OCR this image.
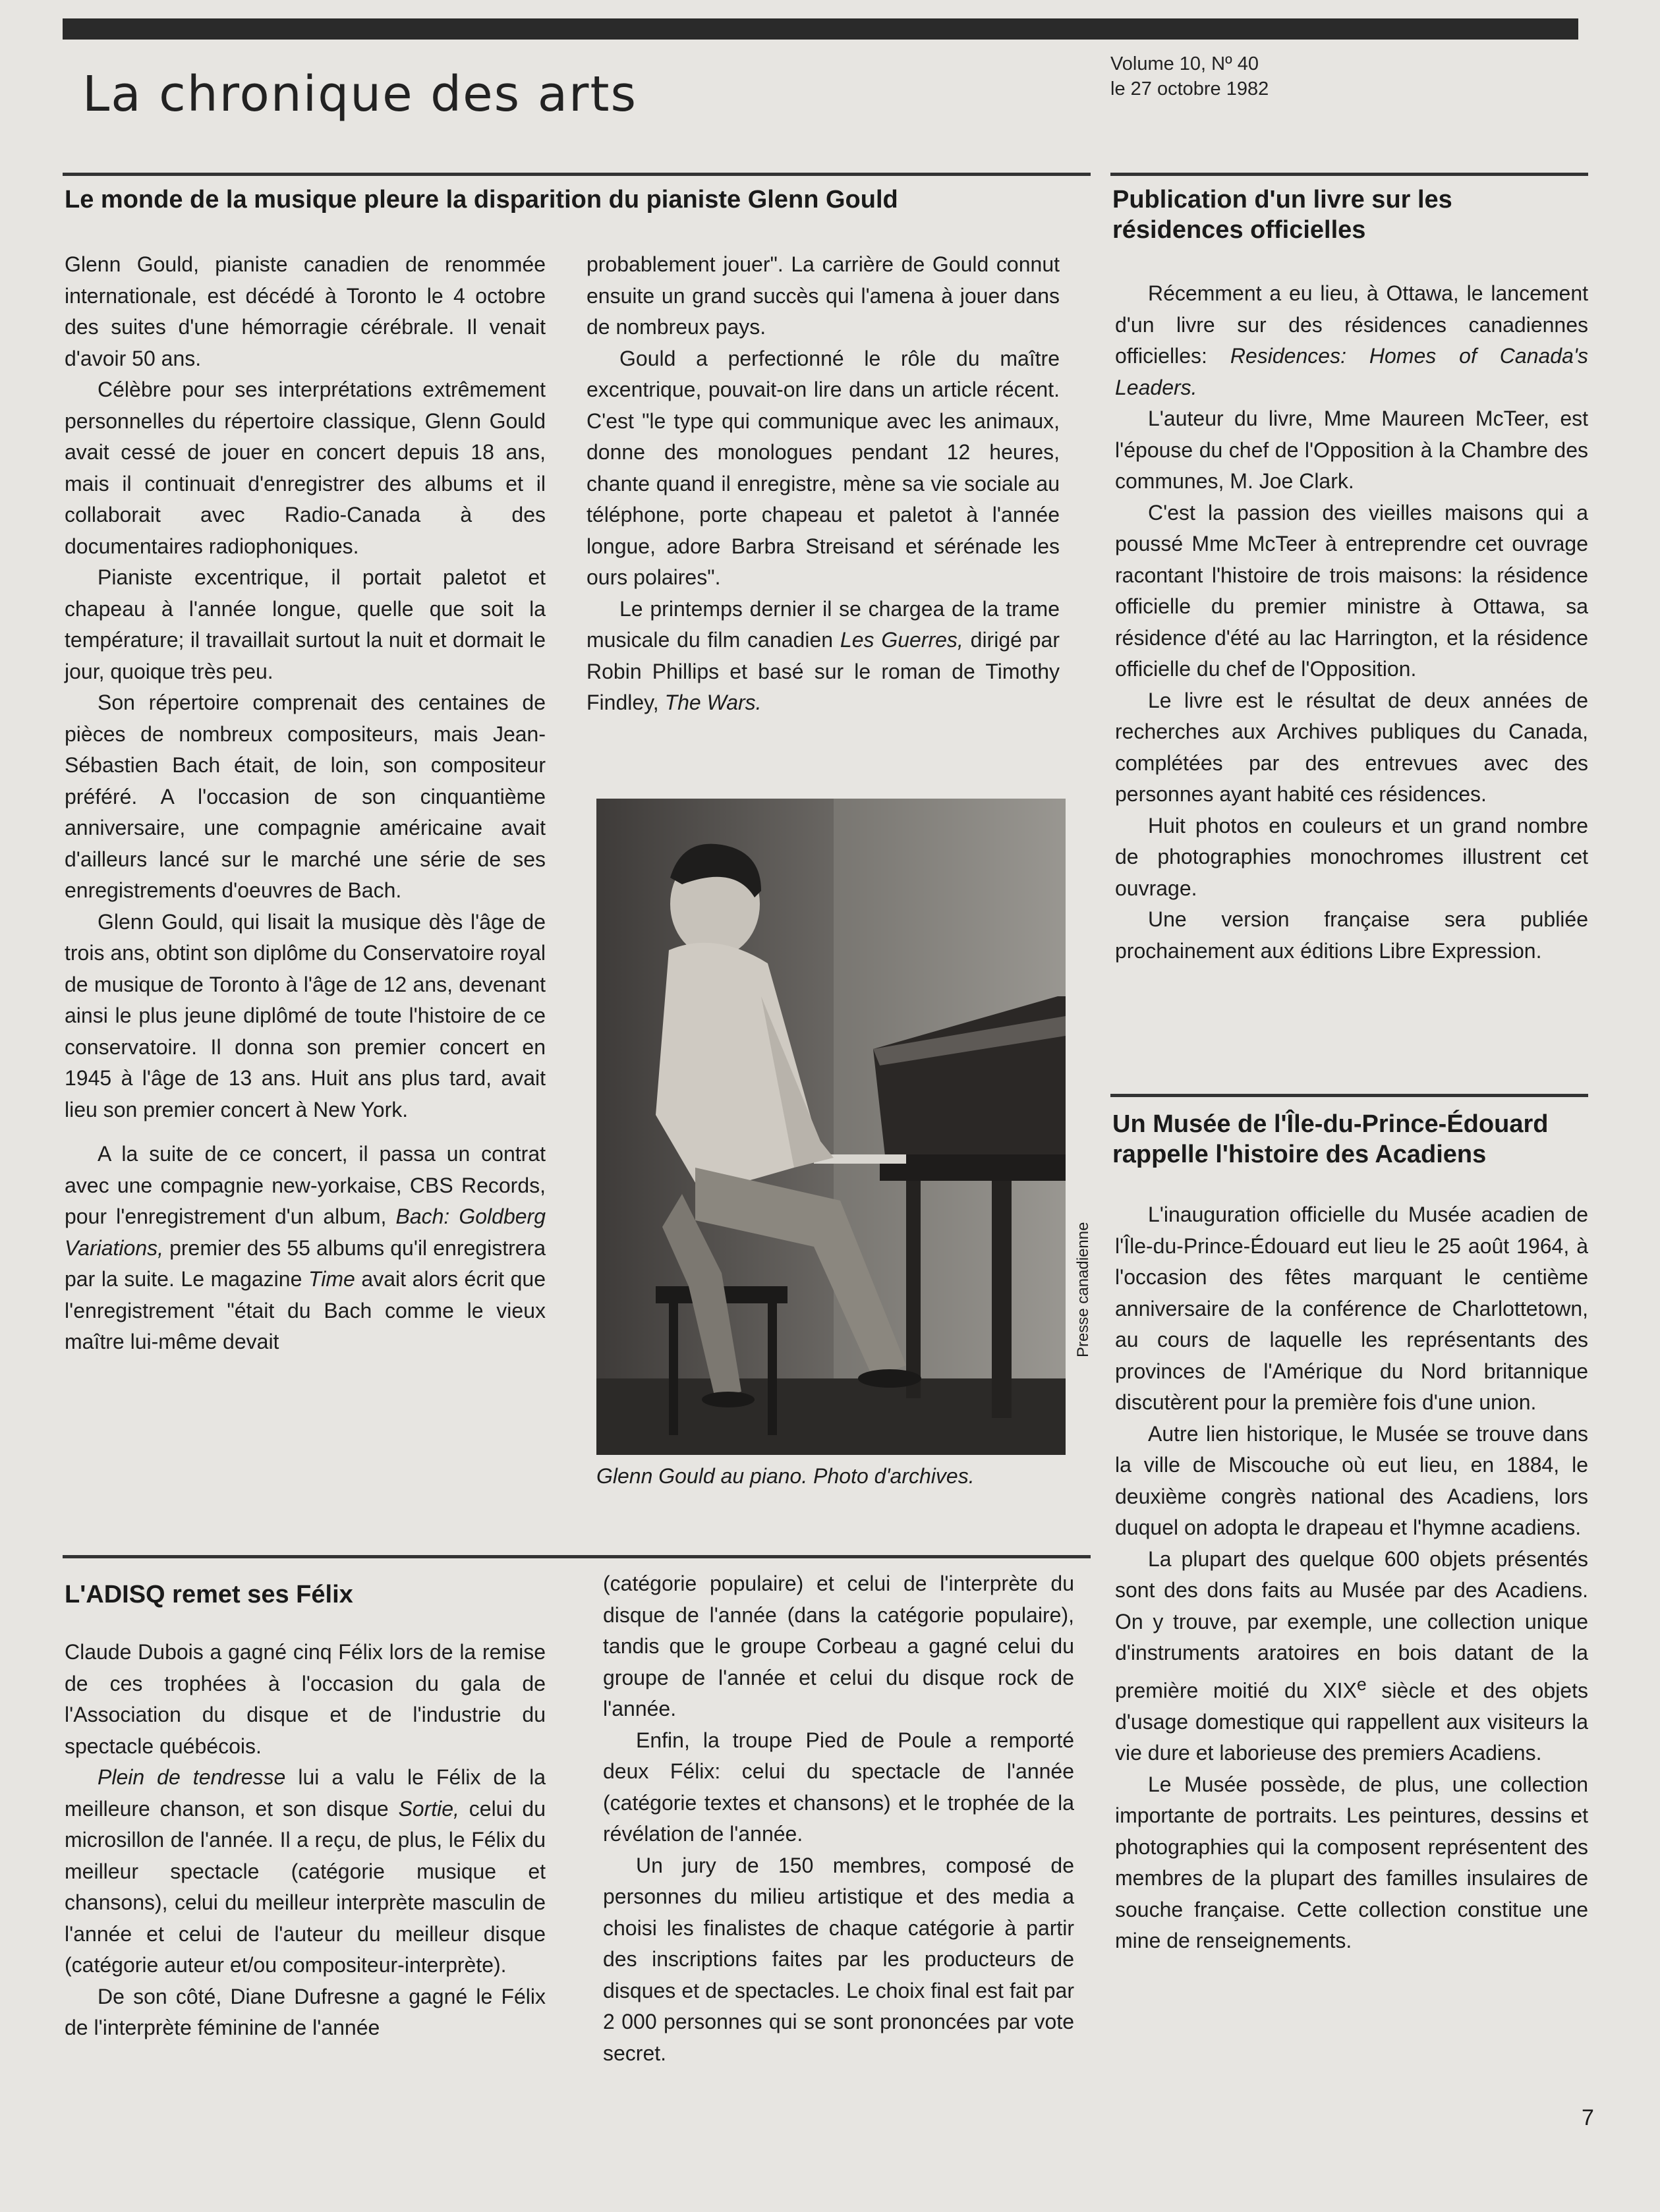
La chronique des arts
Volume 10, Nº 40
le 27 octobre 1982
Le monde de la musique pleure la disparition du pianiste Glenn Gould

Glenn Gould, pianiste canadien de renommée internationale, est décédé à Toronto le 4 octobre des suites d'une hémorragie cérébrale. Il venait d'avoir 50 ans.

Célèbre pour ses interprétations extrêmement personnelles du répertoire classique, Glenn Gould avait cessé de jouer en concert depuis 18 ans, mais il continuait d'enregistrer des albums et il collaborait avec Radio-Canada à des documentaires radiophoniques.

Pianiste excentrique, il portait paletot et chapeau à l'année longue, quelle que soit la température; il travaillait surtout la nuit et dormait le jour, quoique très peu.

Son répertoire comprenait des centaines de pièces de nombreux compositeurs, mais Jean-Sébastien Bach était, de loin, son compositeur préféré. A l'occasion de son cinquantième anniversaire, une compagnie américaine avait d'ailleurs lancé sur le marché une série de ses enregistrements d'oeuvres de Bach.

Glenn Gould, qui lisait la musique dès l'âge de trois ans, obtint son diplôme du Conservatoire royal de musique de Toronto à l'âge de 12 ans, devenant ainsi le plus jeune diplômé de toute l'histoire de ce conservatoire. Il donna son premier concert en 1945 à l'âge de 13 ans. Huit ans plus tard, avait lieu son premier concert à New York.

A la suite de ce concert, il passa un contrat avec une compagnie new-yorkaise, CBS Records, pour l'enregistrement d'un album, Bach: Goldberg Variations, premier des 55 albums qu'il enregistrera par la suite. Le magazine Time avait alors écrit que l'enregistrement "était du Bach comme le vieux maître lui-même devait

probablement jouer". La carrière de Gould connut ensuite un grand succès qui l'amena à jouer dans de nombreux pays.

Gould a perfectionné le rôle du maître excentrique, pouvait-on lire dans un article récent. C'est "le type qui communique avec les animaux, donne des monologues pendant 12 heures, chante quand il enregistre, mène sa vie sociale au téléphone, porte chapeau et paletot à l'année longue, adore Barbra Streisand et sérénade les ours polaires".

Le printemps dernier il se chargea de la trame musicale du film canadien Les Guerres, dirigé par Robin Phillips et basé sur le roman de Timothy Findley, The Wars.

Glenn Gould au piano. Photo d'archives.
Presse canadienne
Publication d'un livre sur les résidences officielles

Récemment a eu lieu, à Ottawa, le lancement d'un livre sur des résidences canadiennes officielles: Residences: Homes of Canada's Leaders.

L'auteur du livre, Mme Maureen McTeer, est l'épouse du chef de l'Opposition à la Chambre des communes, M. Joe Clark.

C'est la passion des vieilles maisons qui a poussé Mme McTeer à entreprendre cet ouvrage racontant l'histoire de trois maisons: la résidence officielle du premier ministre à Ottawa, sa résidence d'été au lac Harrington, et la résidence officielle du chef de l'Opposition.

Le livre est le résultat de deux années de recherches aux Archives publiques du Canada, complétées par des entrevues avec des personnes ayant habité ces résidences.

Huit photos en couleurs et un grand nombre de photographies monochromes illustrent cet ouvrage.

Une version française sera publiée prochainement aux éditions Libre Expression.

Un Musée de l'Île-du-Prince-Édouard rappelle l'histoire des Acadiens

L'inauguration officielle du Musée acadien de l'Île-du-Prince-Édouard eut lieu le 25 août 1964, à l'occasion des fêtes marquant le centième anniversaire de la conférence de Charlottetown, au cours de laquelle les représentants des provinces de l'Amérique du Nord britannique discutèrent pour la première fois d'une union.

Autre lien historique, le Musée se trouve dans la ville de Miscouche où eut lieu, en 1884, le deuxième congrès national des Acadiens, lors duquel on adopta le drapeau et l'hymne acadiens.

La plupart des quelque 600 objets présentés sont des dons faits au Musée par des Acadiens. On y trouve, par exemple, une collection unique d'instruments aratoires en bois datant de la première moitié du XIXe siècle et des objets d'usage domestique qui rappellent aux visiteurs la vie dure et laborieuse des premiers Acadiens.

Le Musée possède, de plus, une collection importante de portraits. Les peintures, dessins et photographies qui la composent représentent des membres de la plupart des familles insulaires de souche française. Cette collection constitue une mine de renseignements.

L'ADISQ remet ses Félix

Claude Dubois a gagné cinq Félix lors de la remise de ces trophées à l'occasion du gala de l'Association du disque et de l'industrie du spectacle québécois.

Plein de tendresse lui a valu le Félix de la meilleure chanson, et son disque Sortie, celui du microsillon de l'année. Il a reçu, de plus, le Félix du meilleur spectacle (catégorie musique et chansons), celui du meilleur interprète masculin de l'année et celui de l'auteur du meilleur disque (catégorie auteur et/ou compositeur-interprète).

De son côté, Diane Dufresne a gagné le Félix de l'interprète féminine de l'année

(catégorie populaire) et celui de l'interprète du disque de l'année (dans la catégorie populaire), tandis que le groupe Corbeau a gagné celui du groupe de l'année et celui du disque rock de l'année.

Enfin, la troupe Pied de Poule a remporté deux Félix: celui du spectacle de l'année (catégorie textes et chansons) et le trophée de la révélation de l'année.

Un jury de 150 membres, composé de personnes du milieu artistique et des media a choisi les finalistes de chaque catégorie à partir des inscriptions faites par les producteurs de disques et de spectacles. Le choix final est fait par 2 000 personnes qui se sont prononcées par vote secret.

7
